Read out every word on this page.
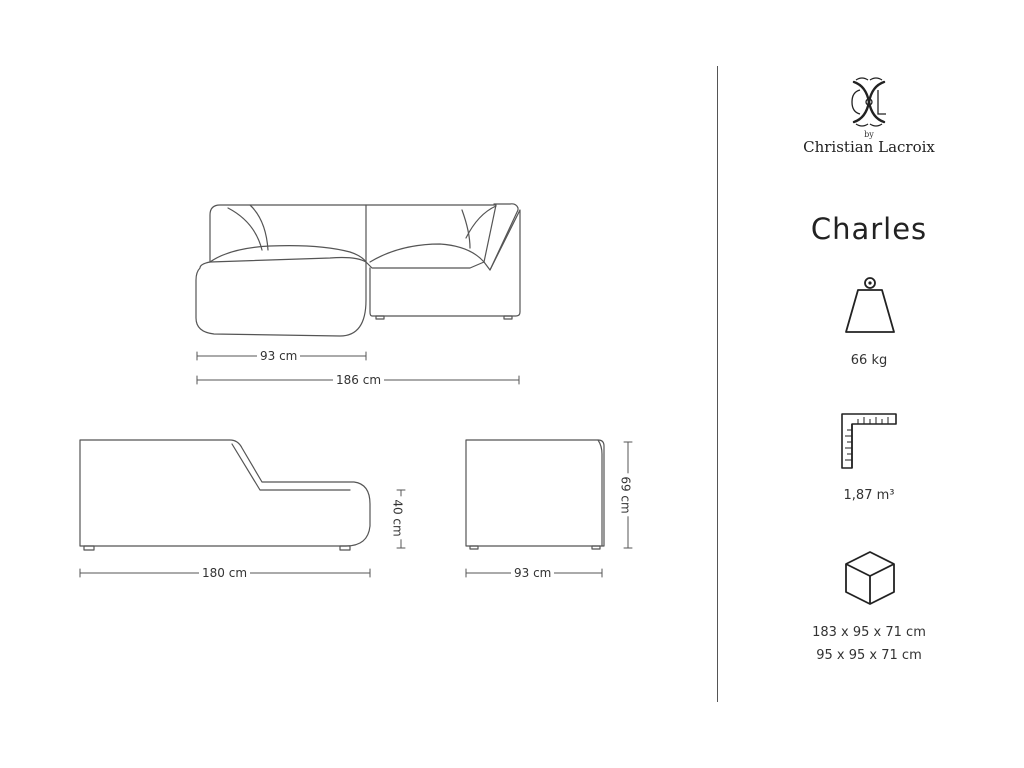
93 cm
186 cm
180 cm	93 cm
40 cm
69 cm
by
Christian Lacroix
Charles
66 kg
1,87 m³
183 x 95 x 71 cm
95 x 95 x 71 cm
